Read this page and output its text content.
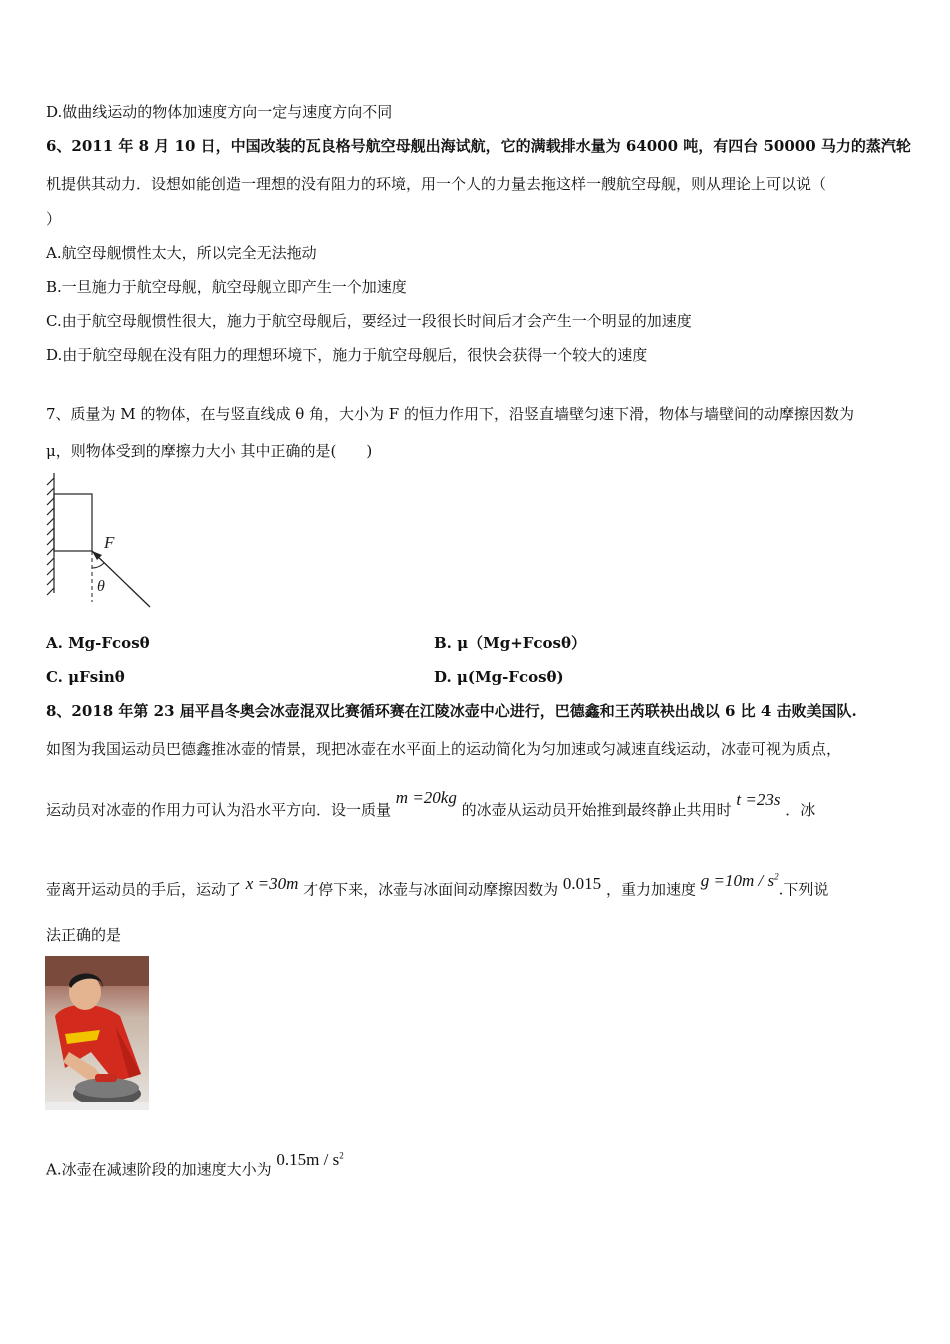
D.做曲线运动的物体加速度方向一定与速度方向不同
6、2011 年 8 月 10 日，中国改装的瓦良格号航空母舰出海试航，它的满载排水量为 64000 吨，有四台 50000 马力的蒸汽轮
机提供其动力．设想如能创造一理想的没有阻力的环境，用一个人的力量去拖这样一艘航空母舰，则从理论上可以说（
）
A.航空母舰惯性太大，所以完全无法拖动
B.一旦施力于航空母舰，航空母舰立即产生一个加速度
C.由于航空母舰惯性很大，施力于航空母舰后，要经过一段很长时间后才会产生一个明显的加速度
D.由于航空母舰在没有阻力的理想环境下，施力于航空母舰后，很快会获得一个较大的速度
7、质量为 M 的物体，在与竖直线成 θ 角，大小为 F 的恒力作用下，沿竖直墙壁匀速下滑，物体与墙壁间的动摩擦因数为
μ，则物体受到的摩擦力大小 其中正确的是(　　)
F
θ
A. Mg-Fcosθ	B. μ（Mg+Fcosθ）
C. μFsinθ	D. μ(Mg-Fcosθ)
8、2018 年第 23 届平昌冬奥会冰壶混双比赛循环赛在江陵冰壶中心进行，巴德鑫和王芮联袂出战以 6 比 4 击败美国队.
如图为我国运动员巴德鑫推冰壶的情景，现把冰壶在水平面上的运动简化为匀加速或匀减速直线运动，冰壶可视为质点，
运动员对冰壶的作用力可认为沿水平方向．设一质量 m =20kg 的冰壶从运动员开始推到最终静止共用时 t =23s ．冰
壶离开运动员的手后，运动了 x =30m 才停下来，冰壶与冰面间动摩擦因数为 0.015 ，重力加速度 $g =10m / s^2$.下列说
法正确的是
A.冰壶在减速阶段的加速度大小为 $0.15m / s^2$
